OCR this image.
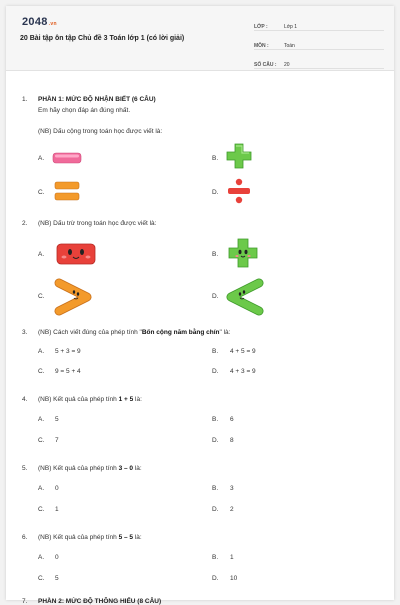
2048.vn
20 Bài tập ôn tập Chủ đề 3 Toán lớp 1 (có lời giải)
LỚP :	Lớp 1
MÔN :	Toán
SỐ CÂU :	20
1. PHẦN 1: MỨC ĐỘ NHẬN BIẾT (6 CÂU)
Em hãy chọn đáp án đúng nhất.
(NB) Dấu cộng trong toán học được viết là:
A.	B.
C.	D.
2. (NB) Dấu trừ trong toán học được viết là:
A.	B.
C.	D.
3. (NB) Cách viết đúng của phép tính "Bốn cộng năm bằng chín" là:
A. 5 + 3 = 9	B. 4 + 5 = 9
C. 9 = 5 + 4	D. 4 + 3 = 9
4. (NB) Kết quả của phép tính 1 + 5 là:
A. 5	B. 6
C. 7	D. 8
5. (NB) Kết quả của phép tính 3 – 0 là:
A. 0	B. 3
C. 1	D. 2
6. (NB) Kết quả của phép tính 5 – 5 là:
A. 0	B. 1
C. 5	D. 10
7. PHẦN 2: MỨC ĐỘ THÔNG HIỂU (8 CÂU)
